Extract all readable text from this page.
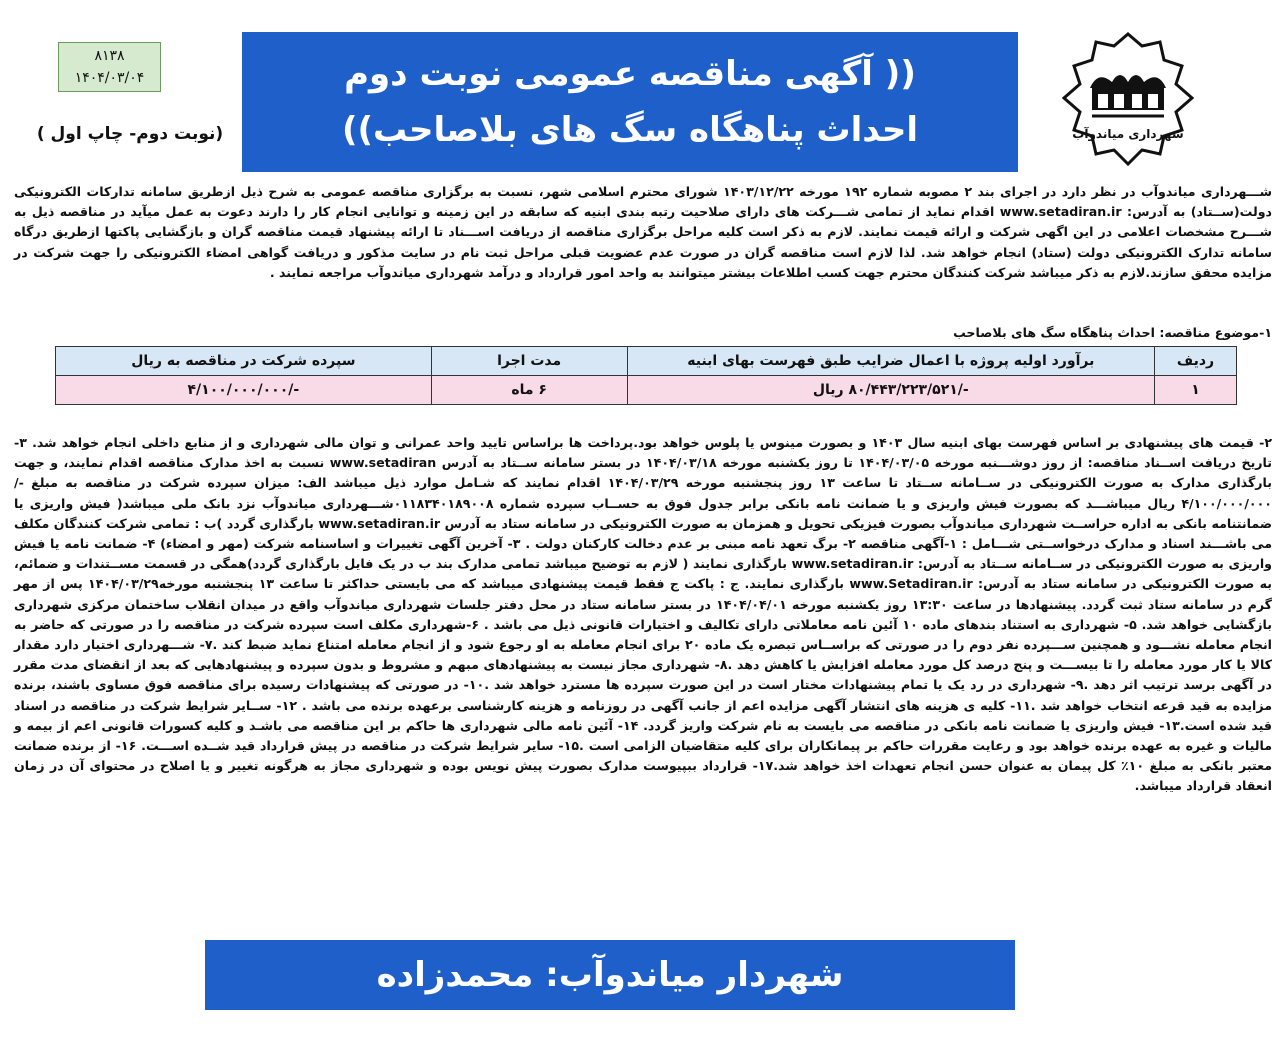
شهرداری میاندوآب
(( آگهی مناقصه عمومی نوبت دوم
احداث پناهگاه سگ های بلاصاحب))
۸۱۳۸
۱۴۰۴/۰۳/۰۴
(نوبت دوم- چاپ اول )
شـــهرداری میاندوآب در نظر دارد در اجرای بند ۲ مصوبه شماره ۱۹۲ مورخه ۱۴۰۳/۱۲/۲۲ شورای محترم اسلامی شهر، نسبت به برگزاری مناقصه عمومی به شرح ذیل ازطریق سامانه تدارکات الکترونیکی دولت(ســتاد) به آدرس: www.setadiran.ir اقدام نماید از تمامی شـــرکت های دارای صلاحیت رتبه بندی ابنیه که سابقه در این زمینه و توانایی انجام کار را دارند دعوت به عمل میآید در مناقصه ذیل به شـــرح مشخصات اعلامی در این اگهی شرکت و ارائه قیمت نمایند. لازم به ذکر است کلیه مراحل برگزاری مناقصه از دریافت اســـناد تا ارائه پیشنهاد قیمت مناقصه گران و بازگشایی پاکتها ازطریق درگاه سامانه تدارک الکترونیکی دولت (ستاد) انجام خواهد شد. لذا لازم است مناقصه گران در صورت عدم عضویت قبلی مراحل ثبت نام در سایت مذکور و دریافت گواهی امضاء الکترونیکی را جهت شرکت در مزایده محقق سازند.لازم به ذکر میباشد شرکت کنندگان محترم جهت کسب اطلاعات بیشتر میتوانند به واحد امور قرارداد و درآمد شهرداری میاندوآب مراجعه نمایند .
۱-موضوع مناقصه: احداث پناهگاه سگ های بلاصاحب
ردیف	برآورد اولیه پروژه با اعمال ضرایب طبق فهرست بهای ابنیه	مدت اجرا	سپرده شرکت در مناقصه به ریال
۱	-/۸۰/۴۴۳/۲۲۳/۵۲۱ ریال	۶ ماه	-/۴/۱۰۰/۰۰۰/۰۰۰
۲- قیمت های پیشنهادی بر اساس فهرست بهای ابنیه سال ۱۴۰۳ و بصورت مینوس یا پلوس خواهد بود.پرداخت ها براساس تایید واحد عمرانی و توان مالی شهرداری و از منابع داخلی انجام خواهد شد. ۳- تاریخ دریافت اســناد مناقصه: از روز دوشـــنبه مورخه ۱۴۰۴/۰۳/۰۵ تا روز یکشنبه مورخه ۱۴۰۴/۰۳/۱۸ در بستر سامانه ســتاد به آدرس www.setadiran نسبت به اخذ مدارک مناقصه اقدام نمایند، و جهت بارگذاری مدارک به صورت الکترونیکی در ســامانه ســتاد تا ساعت ۱۳ روز پنجشنبه مورخه ۱۴۰۴/۰۳/۲۹ اقدام نمایند که شـامل موارد ذیل میباشد الف: میزان سپرده شرکت در مناقصه به مبلغ -/۴/۱۰۰/۰۰۰/۰۰۰ ریال میباشـــد که بصورت فیش واریزی و یا ضمانت نامه بانکی برابر جدول فوق به حســاب سپرده شماره ۰۱۱۸۳۴۰۱۸۹۰۰۸شـــهرداری میاندوآب نزد بانک ملی میباشد( فیش واریزی یا ضمانتنامه بانکی به اداره حراســت شهرداری میاندوآب بصورت فیزیکی تحویل و همزمان به صورت الکترونیکی در سامانه ستاد به آدرس www.setadiran.ir بارگذاری گردد )ب : تمامی شرکت کنندگان مکلف می باشـــند اسناد و مدارک درخواســتی شـــامل : ۱-آگهی مناقصه ۲- برگ تعهد نامه مبنی بر عدم دخالت کارکنان دولت . ۳- آخرین آگهی تغییرات و اساسنامه شرکت (مهر و امضاء) ۴- ضمانت نامه یا فیش واریزی به صورت الکترونیکی در ســامانه ســتاد به آدرس: www.setadiran.ir بارگذاری نمایند ( لازم به توضیح میباشد تمامی مدارک بند ب در یک فایل بارگذاری گردد)همگی در قسمت مســتندات و ضمائم، به صورت الکترونیکی در سامانه ستاد به آدرس: www.Setadiran.ir بارگذاری نمایند. ج : پاکت ج فقط قیمت پیشنهادی میباشد که می بایستی حداکثر تا ساعت ۱۳ پنجشنبه مورخه۱۴۰۴/۰۳/۲۹ پس از مهر گرم در سامانه ستاد ثبت گردد. پیشنهادها در ساعت ۱۳:۳۰ روز یکشنبه مورخه ۱۴۰۴/۰۴/۰۱ در بستر سامانه ستاد در محل دفتر جلسات شهرداری میاندوآب واقع در میدان انقلاب ساختمان مرکزی شهرداری بازگشایی خواهد شد. ۵- شهرداری به استناد بندهای ماده ۱۰ آئین نامه معاملاتی دارای تکالیف و اختیارات قانونی ذیل می باشد . ۶-شهرداری مکلف است سپرده شرکت در مناقصه را در صورتی که حاضر به انجام معامله نشـــود و همچنین ســـپرده نفر دوم را در صورتی که براســاس تبصره یک ماده ۲۰ برای انجام معامله به او رجوع شود و از انجام معامله امتناع نماید ضبط کند .۷- شـــهرداری اختیار دارد مقدار کالا یا کار مورد معامله را تا بیســـت و پنج درصد کل مورد معامله افزایش یا کاهش دهد .۸- شهرداری مجاز نیست به پیشنهادهای مبهم و مشروط و بدون سپرده و پیشنهادهایی که بعد از انقضای مدت مقرر در آگهی برسد ترتیب اثر دهد .۹- شهرداری در رد یک یا تمام پیشنهادات مختار است در این صورت سپرده ها مسترد خواهد شد .۱۰- در صورتی که پیشنهادات رسیده برای مناقصه فوق مساوی باشند، برنده مزایده به قید قرعه انتخاب خواهد شد .۱۱- کلیه ی هزینه های انتشار آگهی مزایده اعم از جانب آگهی در روزنامه و هزینه کارشناسی برعهده برنده می باشد . ۱۲- ســایر شرایط شرکت در مناقصه در اسناد قید شده است.۱۳- فیش واریزی یا ضمانت نامه بانکی در مناقصه می بایست به نام شرکت واریز گردد. ۱۴- آئین نامه مالی شهرداری ها حاکم بر این مناقصه می باشـد و کلیه کسورات قانونی اعم از بیمه و مالیات و غیره به عهده برنده خواهد بود و رعایت مقررات حاکم بر پیمانکاران برای کلیه متقاضیان الزامی است .۱۵- سایر شرایط شرکت در مناقصه در پیش قرارداد قید شــده اســـت. ۱۶- از برنده ضمانت معتبر بانکی به مبلغ ۱۰٪ کل پیمان به عنوان حسن انجام تعهدات اخذ خواهد شد.۱۷- قرارداد ببپیوست مدارک بصورت پیش نویس بوده و شهرداری مجاز به هرگونه تغییر و یا اصلاح در محتوای آن در زمان انعقاد قرارداد میباشد.
شهردار میاندوآب: محمدزاده
